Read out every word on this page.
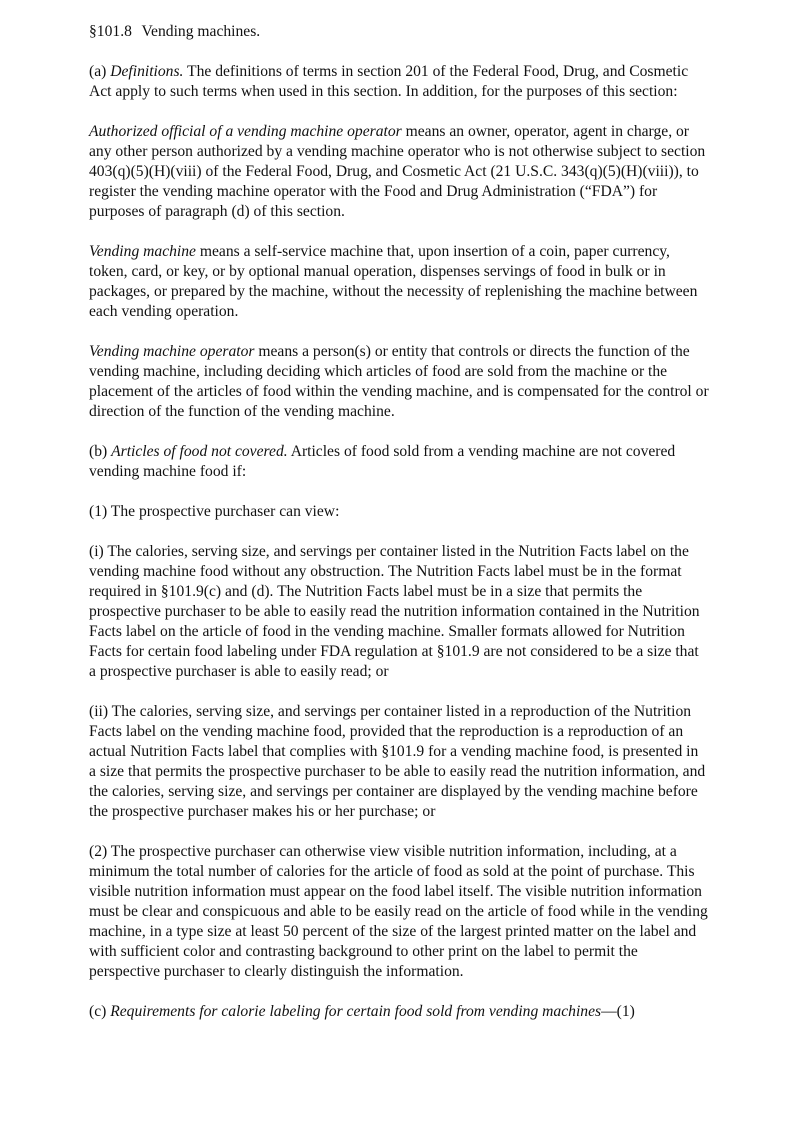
§101.8 Vending machines.

(a) Definitions. The definitions of terms in section 201 of the Federal Food, Drug, and Cosmetic Act apply to such terms when used in this section. In addition, for the purposes of this section:

Authorized official of a vending machine operator means an owner, operator, agent in charge, or any other person authorized by a vending machine operator who is not otherwise subject to section 403(q)(5)(H)(viii) of the Federal Food, Drug, and Cosmetic Act (21 U.S.C. 343(q)(5)(H)(viii)), to register the vending machine operator with the Food and Drug Administration (“FDA”) for purposes of paragraph (d) of this section.

Vending machine means a self-service machine that, upon insertion of a coin, paper currency, token, card, or key, or by optional manual operation, dispenses servings of food in bulk or in packages, or prepared by the machine, without the necessity of replenishing the machine between each vending operation.

Vending machine operator means a person(s) or entity that controls or directs the function of the vending machine, including deciding which articles of food are sold from the machine or the placement of the articles of food within the vending machine, and is compensated for the control or direction of the function of the vending machine.

(b) Articles of food not covered. Articles of food sold from a vending machine are not covered vending machine food if:

(1) The prospective purchaser can view:

(i) The calories, serving size, and servings per container listed in the Nutrition Facts label on the vending machine food without any obstruction. The Nutrition Facts label must be in the format required in §101.9(c) and (d). The Nutrition Facts label must be in a size that permits the prospective purchaser to be able to easily read the nutrition information contained in the Nutrition Facts label on the article of food in the vending machine. Smaller formats allowed for Nutrition Facts for certain food labeling under FDA regulation at §101.9 are not considered to be a size that a prospective purchaser is able to easily read; or

(ii) The calories, serving size, and servings per container listed in a reproduction of the Nutrition Facts label on the vending machine food, provided that the reproduction is a reproduction of an actual Nutrition Facts label that complies with §101.9 for a vending machine food, is presented in a size that permits the prospective purchaser to be able to easily read the nutrition information, and the calories, serving size, and servings per container are displayed by the vending machine before the prospective purchaser makes his or her purchase; or

(2) The prospective purchaser can otherwise view visible nutrition information, including, at a minimum the total number of calories for the article of food as sold at the point of purchase. This visible nutrition information must appear on the food label itself. The visible nutrition information must be clear and conspicuous and able to be easily read on the article of food while in the vending machine, in a type size at least 50 percent of the size of the largest printed matter on the label and with sufficient color and contrasting background to other print on the label to permit the perspective purchaser to clearly distinguish the information.

(c) Requirements for calorie labeling for certain food sold from vending machines—(1)
